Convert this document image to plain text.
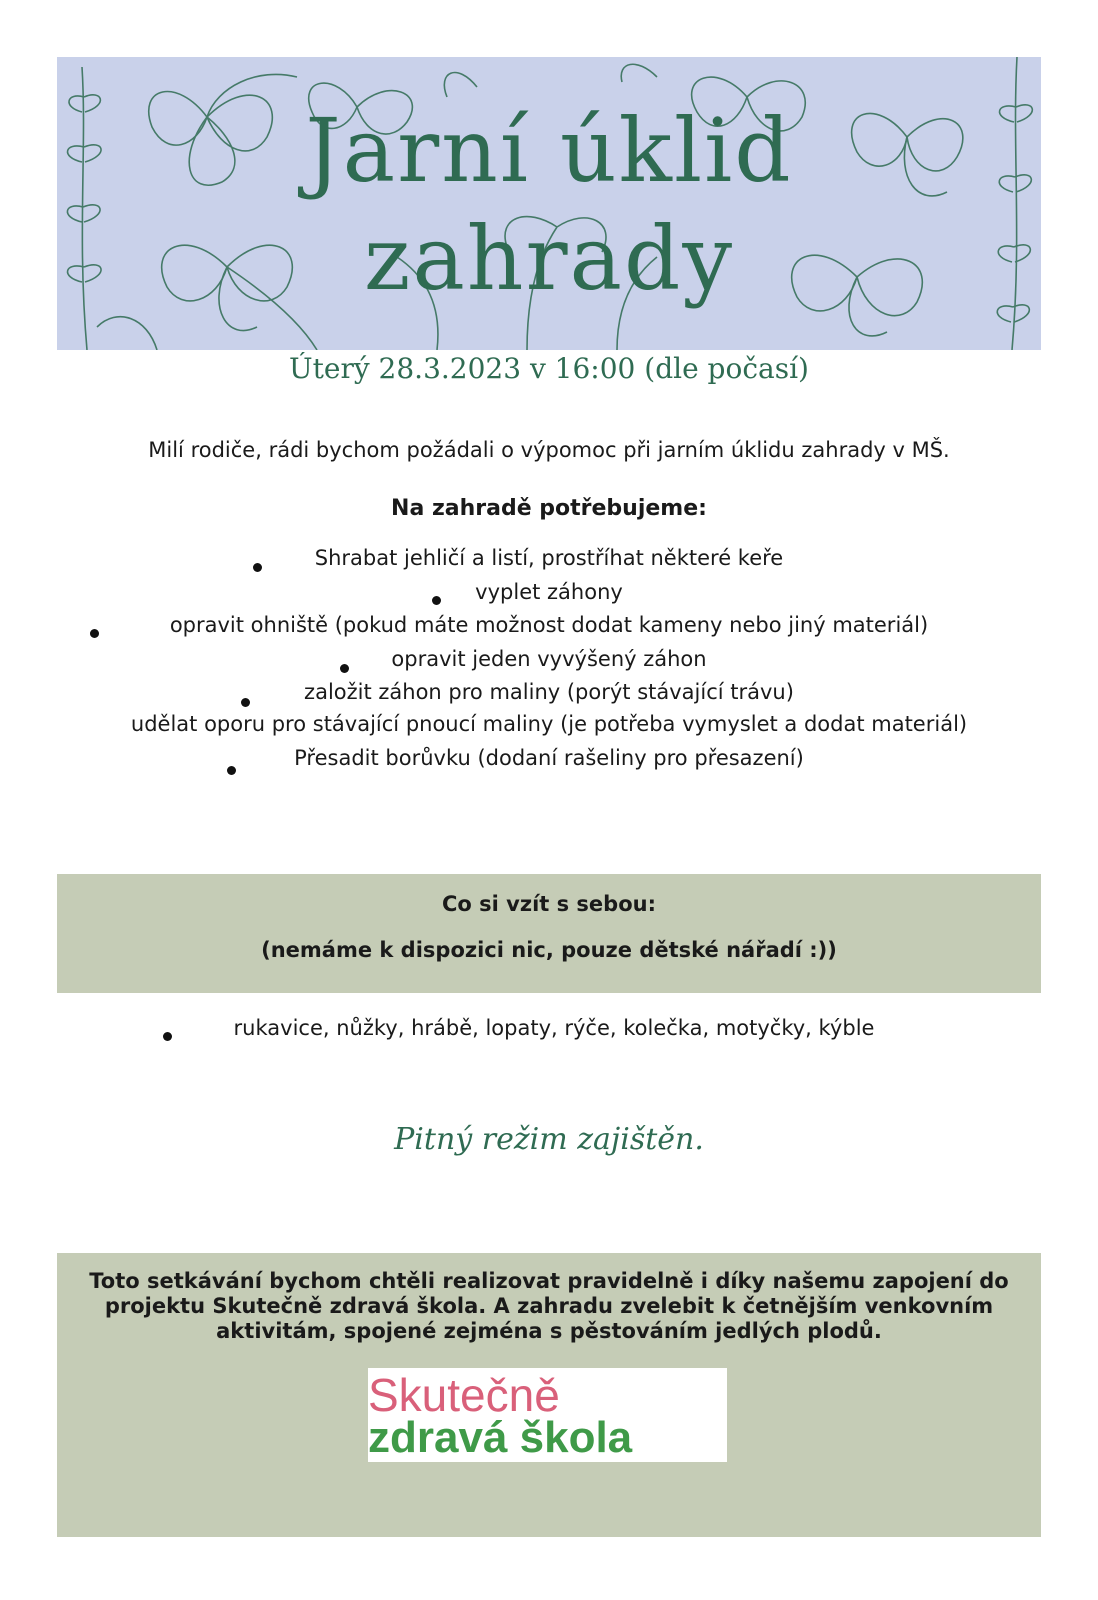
Jarní úklid
zahrady
Úterý 28.3.2023 v 16:00 (dle počasí)
Milí rodiče, rádi bychom požádali o výpomoc při jarním úklidu zahrady v MŠ.
Na zahradě potřebujeme:
Shrabat jehličí a listí, prostříhat některé keře
vyplet záhony
opravit ohniště (pokud máte možnost dodat kameny nebo jiný materiál)
opravit jeden vyvýšený záhon
založit záhon pro maliny (porýt stávající trávu)
udělat oporu pro stávající pnoucí maliny (je potřeba vymyslet a dodat materiál)
Přesadit borůvku (dodaní rašeliny pro přesazení)
Co si vzít s sebou:
(nemáme k dispozici nic, pouze dětské nářadí :))
rukavice, nůžky, hrábě, lopaty, rýče, kolečka, motyčky, kýble
Pitný režim zajištěn.
Toto setkávání bychom chtěli realizovat pravidelně i díky našemu zapojení do projektu Skutečně zdravá škola. A zahradu zvelebit k četnějším venkovním aktivitám, spojené zejména s pěstováním jedlých plodů.
Skutečně
zdravá škola
